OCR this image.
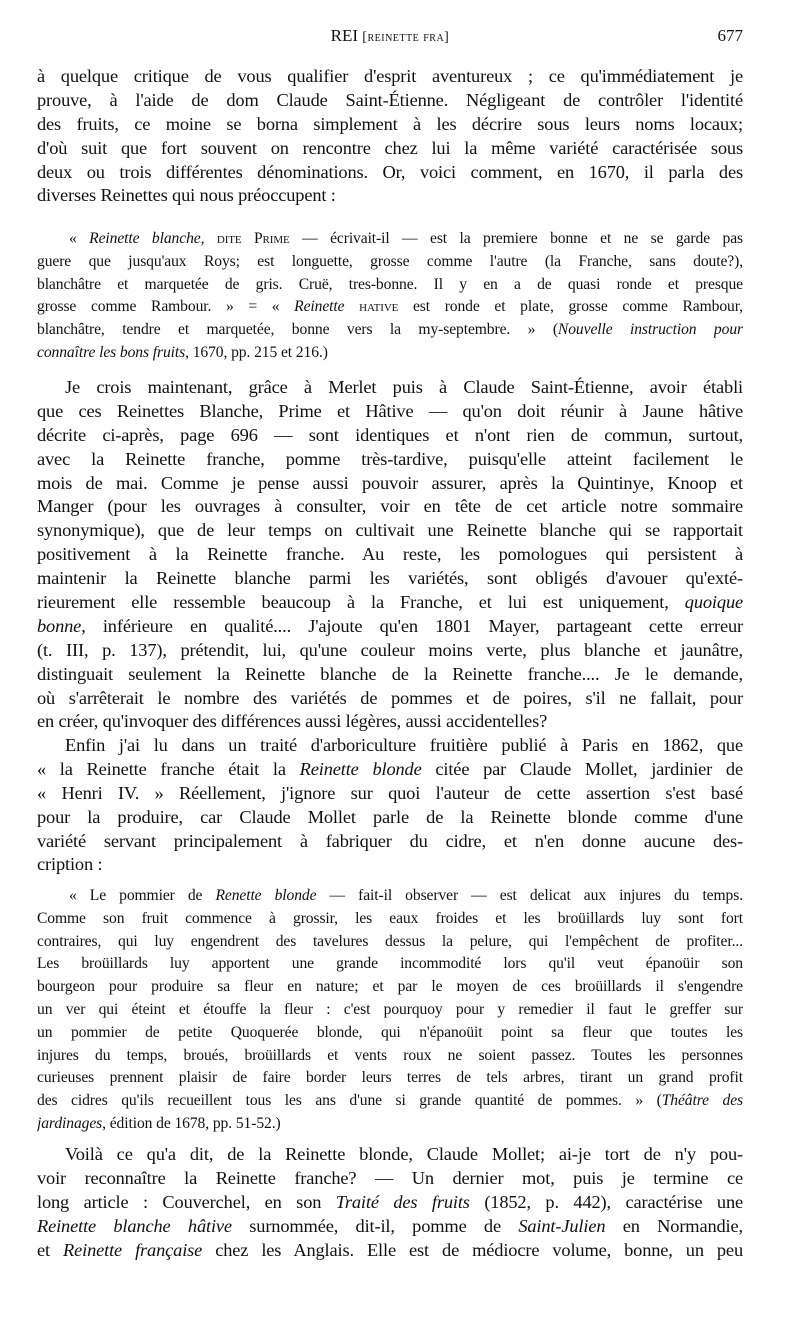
REI [reinette fra]	677
à quelque critique de vous qualifier d'esprit aventureux ; ce qu'immédiatement je
prouve, à l'aide de dom Claude Saint-Étienne. Négligeant de contrôler l'identité
des fruits, ce moine se borna simplement à les décrire sous leurs noms locaux;
d'où suit que fort souvent on rencontre chez lui la même variété caractérisée sous
deux ou trois différentes dénominations. Or, voici comment, en 1670, il parla des
diverses Reinettes qui nous préoccupent :
« Reinette blanche, dite Prime — écrivait-il — est la premiere bonne et ne se garde pas
guere que jusqu'aux Roys; est longuette, grosse comme l'autre (la Franche, sans doute?),
blanchâtre et marquetée de gris. Cruë, tres-bonne. Il y en a de quasi ronde et presque
grosse comme Rambour. » = « Reinette hative est ronde et plate, grosse comme Rambour,
blanchâtre, tendre et marquetée, bonne vers la my-septembre. » (Nouvelle instruction pour
connaître les bons fruits, 1670, pp. 215 et 216.)
Je crois maintenant, grâce à Merlet puis à Claude Saint-Étienne, avoir établi
que ces Reinettes Blanche, Prime et Hâtive — qu'on doit réunir à Jaune hâtive
décrite ci-après, page 696 — sont identiques et n'ont rien de commun, surtout,
avec la Reinette franche, pomme très-tardive, puisqu'elle atteint facilement le
mois de mai. Comme je pense aussi pouvoir assurer, après la Quintinye, Knoop et
Manger (pour les ouvrages à consulter, voir en tête de cet article notre sommaire
synonymique), que de leur temps on cultivait une Reinette blanche qui se rapportait
positivement à la Reinette franche. Au reste, les pomologues qui persistent à
maintenir la Reinette blanche parmi les variétés, sont obligés d'avouer qu'exté-
rieurement elle ressemble beaucoup à la Franche, et lui est uniquement, quoique
bonne, inférieure en qualité.... J'ajoute qu'en 1801 Mayer, partageant cette erreur
(t. III, p. 137), prétendit, lui, qu'une couleur moins verte, plus blanche et jaunâtre,
distinguait seulement la Reinette blanche de la Reinette franche.... Je le demande,
où s'arrêterait le nombre des variétés de pommes et de poires, s'il ne fallait, pour
en créer, qu'invoquer des différences aussi légères, aussi accidentelles?
Enfin j'ai lu dans un traité d'arboriculture fruitière publié à Paris en 1862, que
« la Reinette franche était la Reinette blonde citée par Claude Mollet, jardinier de
« Henri IV. » Réellement, j'ignore sur quoi l'auteur de cette assertion s'est basé
pour la produire, car Claude Mollet parle de la Reinette blonde comme d'une
variété servant principalement à fabriquer du cidre, et n'en donne aucune des-
cription :
« Le pommier de Renette blonde — fait-il observer — est delicat aux injures du temps.
Comme son fruit commence à grossir, les eaux froides et les broüillards luy sont fort
contraires, qui luy engendrent des tavelures dessus la pelure, qui l'empêchent de profiter...
Les broüillards luy apportent une grande incommodité lors qu'il veut épanoüir son
bourgeon pour produire sa fleur en nature; et par le moyen de ces broüillards il s'engendre
un ver qui éteint et étouffe la fleur : c'est pourquoy pour y remedier il faut le greffer sur
un pommier de petite Quoquerée blonde, qui n'épanoüit point sa fleur que toutes les
injures du temps, broués, broüillards et vents roux ne soient passez. Toutes les personnes
curieuses prennent plaisir de faire border leurs terres de tels arbres, tirant un grand profit
des cidres qu'ils recueillent tous les ans d'une si grande quantité de pommes. » (Théâtre des
jardinages, édition de 1678, pp. 51-52.)
Voilà ce qu'a dit, de la Reinette blonde, Claude Mollet; ai-je tort de n'y pou-
voir reconnaître la Reinette franche? — Un dernier mot, puis je termine ce
long article : Couverchel, en son Traité des fruits (1852, p. 442), caractérise une
Reinette blanche hâtive surnommée, dit-il, pomme de Saint-Julien en Normandie,
et Reinette française chez les Anglais. Elle est de médiocre volume, bonne, un peu
